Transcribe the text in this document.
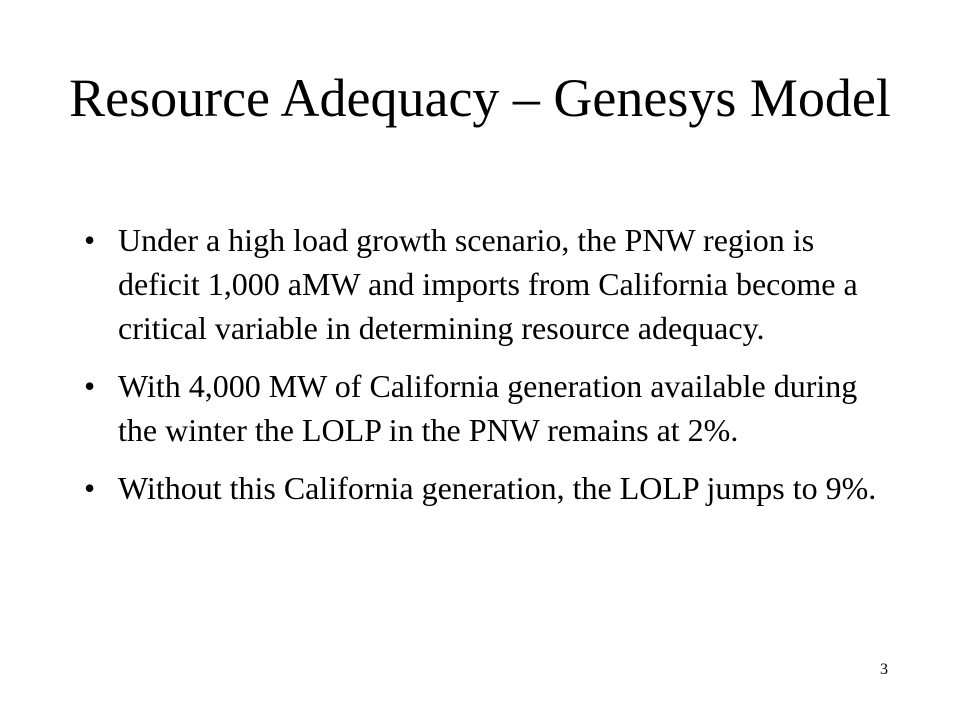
Resource Adequacy – Genesys Model
• Under a high load growth scenario, the PNW region is deficit 1,000 aMW and imports from California become a critical variable in determining resource adequacy.
• With 4,000 MW of California generation available during the winter the LOLP in the PNW remains at 2%.
• Without this California generation, the LOLP jumps to 9%.
3
